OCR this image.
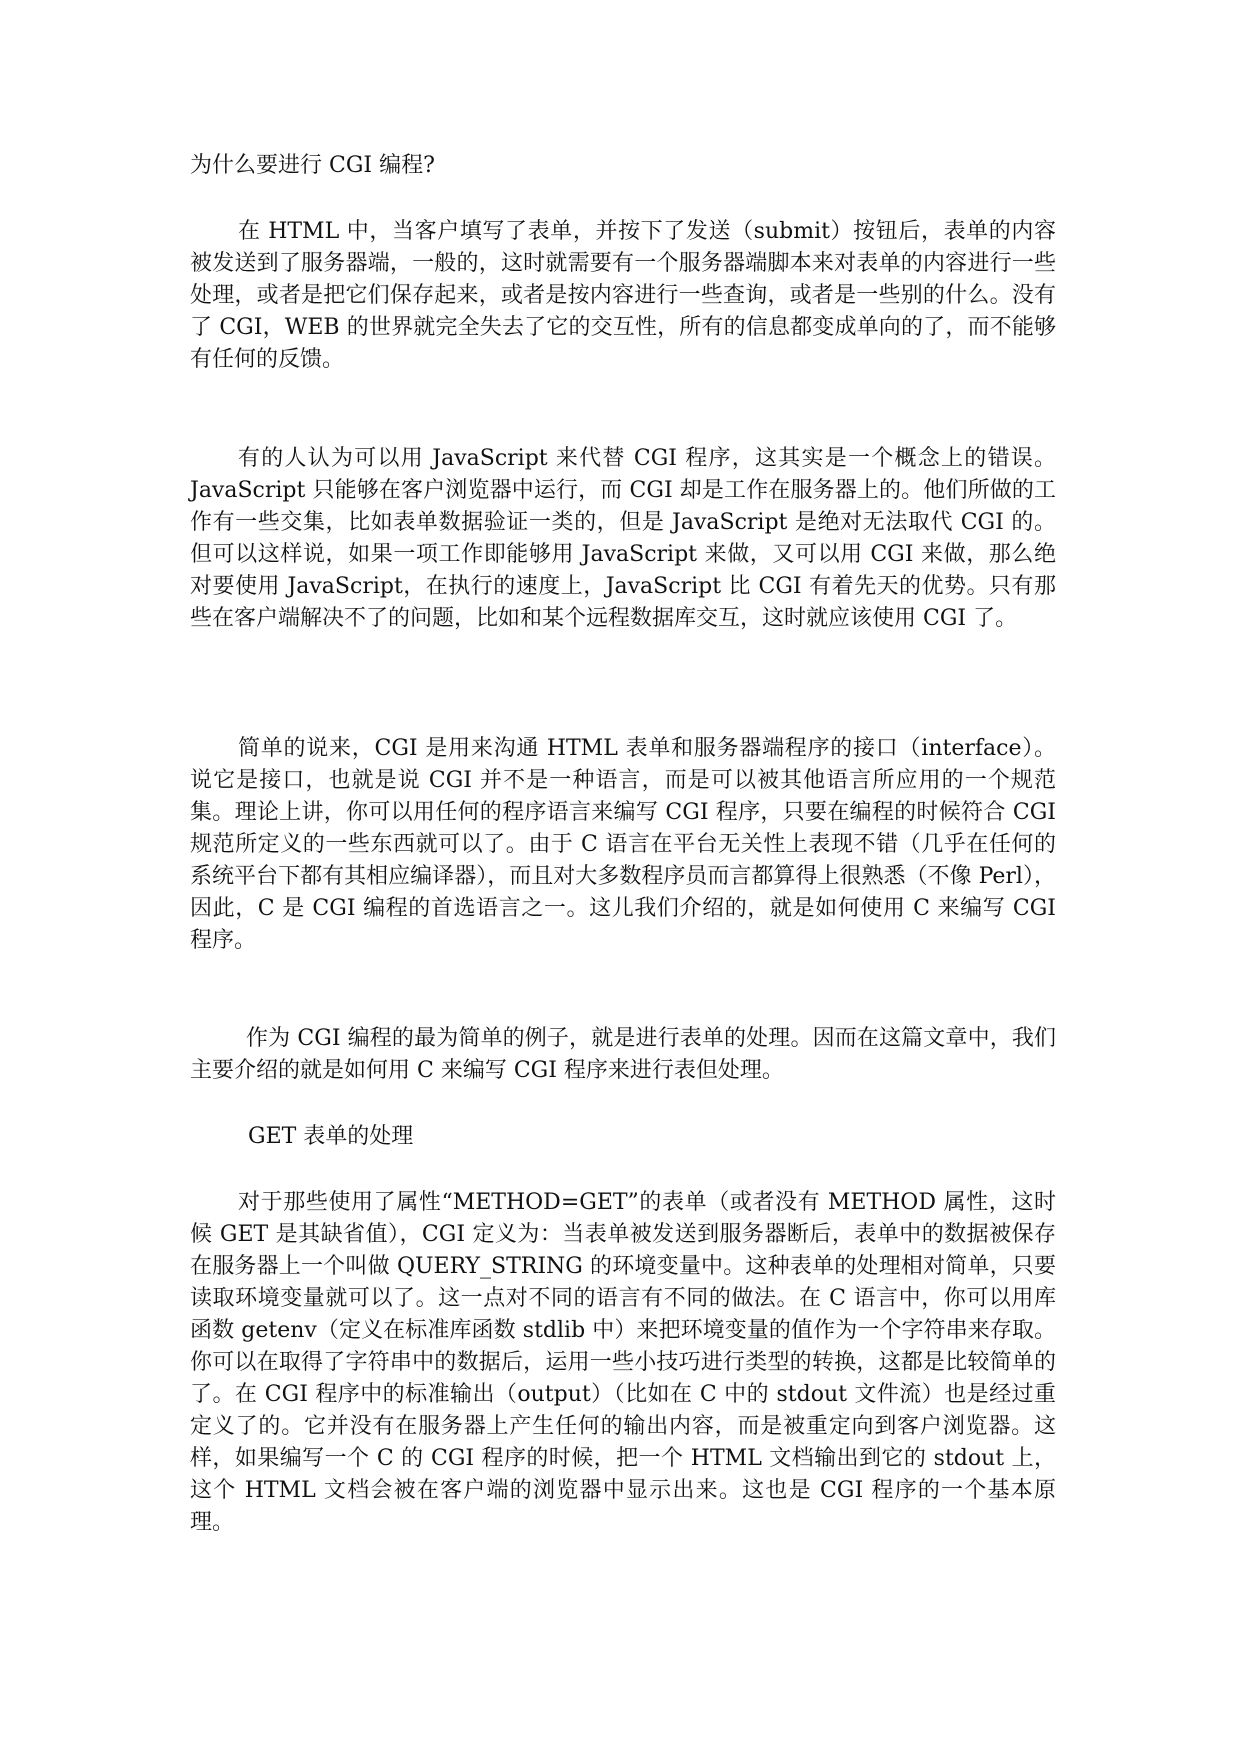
为什么要进行 CGI 编程?

在 HTML 中，当客户填写了表单，并按下了发送（submit）按钮后，表单的内容被发送到了服务器端，一般的，这时就需要有一个服务器端脚本来对表单的内容进行一些处理，或者是把它们保存起来，或者是按内容进行一些查询，或者是一些别的什么。没有了 CGI，WEB 的世界就完全失去了它的交互性，所有的信息都变成单向的了，而不能够有任何的反馈。

有的人认为可以用 JavaScript 来代替 CGI 程序，这其实是一个概念上的错误。JavaScript 只能够在客户浏览器中运行，而 CGI 却是工作在服务器上的。他们所做的工作有一些交集，比如表单数据验证一类的，但是 JavaScript 是绝对无法取代 CGI 的。但可以这样说，如果一项工作即能够用 JavaScript 来做，又可以用 CGI 来做，那么绝对要使用 JavaScript，在执行的速度上，JavaScript 比 CGI 有着先天的优势。只有那些在客户端解决不了的问题，比如和某个远程数据库交互，这时就应该使用 CGI 了。

简单的说来，CGI 是用来沟通 HTML 表单和服务器端程序的接口（interface）。说它是接口，也就是说 CGI 并不是一种语言，而是可以被其他语言所应用的一个规范集。理论上讲，你可以用任何的程序语言来编写 CGI 程序，只要在编程的时候符合 CGI 规范所定义的一些东西就可以了。由于 C 语言在平台无关性上表现不错（几乎在任何的系统平台下都有其相应编译器），而且对大多数程序员而言都算得上很熟悉（不像 Perl），因此，C 是 CGI 编程的首选语言之一。这儿我们介绍的，就是如何使用 C 来编写 CGI 程序。

作为 CGI 编程的最为简单的例子，就是进行表单的处理。因而在这篇文章中，我们主要介绍的就是如何用 C 来编写 CGI 程序来进行表但处理。

GET 表单的处理

对于那些使用了属性“METHOD=GET”的表单（或者没有 METHOD 属性，这时候 GET 是其缺省值），CGI 定义为：当表单被发送到服务器断后，表单中的数据被保存在服务器上一个叫做 QUERY_STRING 的环境变量中。这种表单的处理相对简单，只要读取环境变量就可以了。这一点对不同的语言有不同的做法。在 C 语言中，你可以用库函数 getenv（定义在标准库函数 stdlib 中）来把环境变量的值作为一个字符串来存取。你可以在取得了字符串中的数据后，运用一些小技巧进行类型的转换，这都是比较简单的了。在 CGI 程序中的标准输出（output）（比如在 C 中的 stdout 文件流）也是经过重定义了的。它并没有在服务器上产生任何的输出内容，而是被重定向到客户浏览器。这样，如果编写一个 C 的 CGI 程序的时候，把一个 HTML 文档输出到它的 stdout 上，这个 HTML 文档会被在客户端的浏览器中显示出来。这也是 CGI 程序的一个基本原理。
